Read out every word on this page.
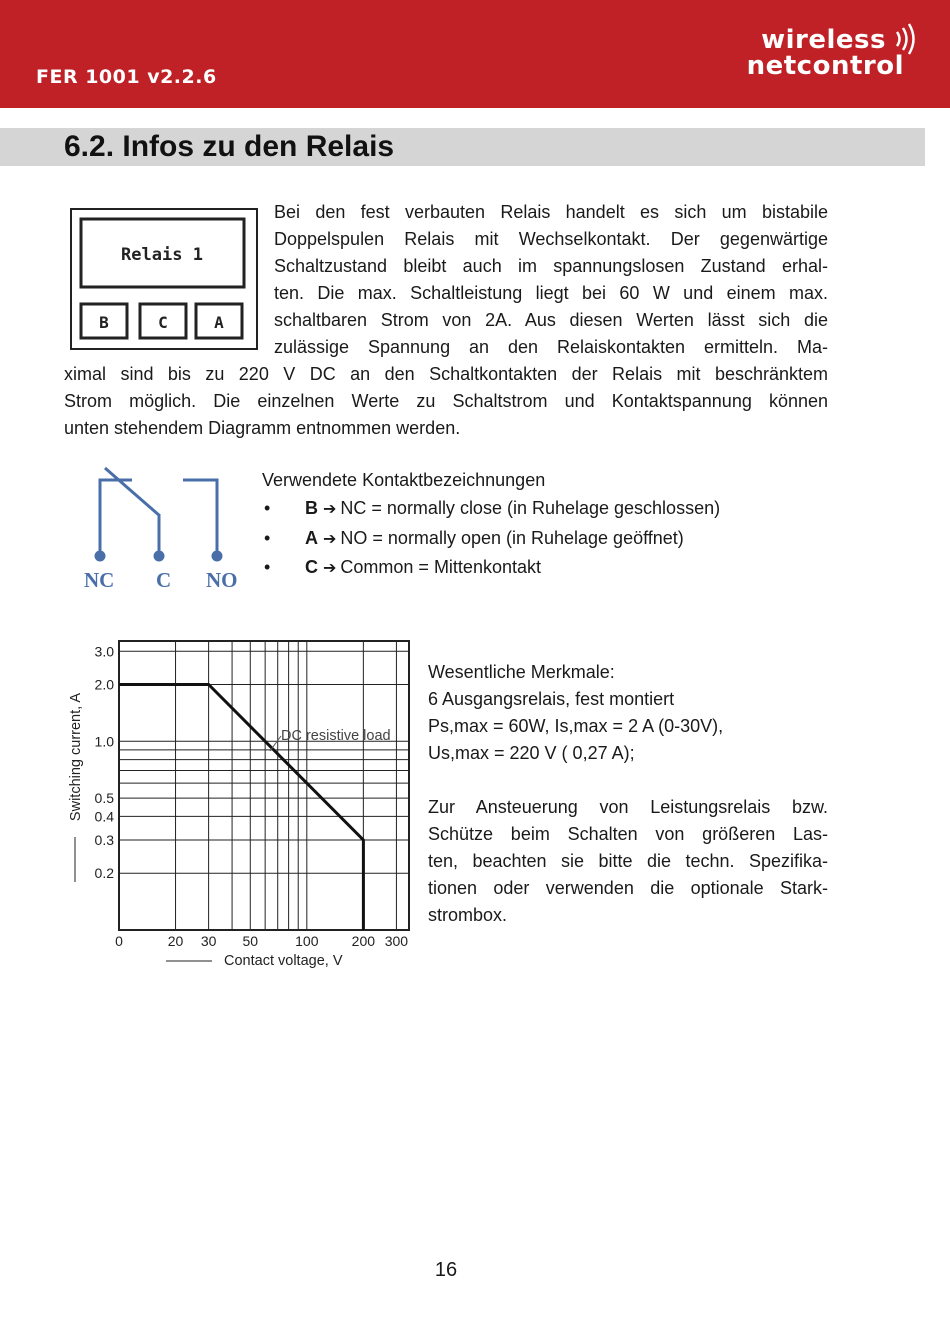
FER 1001 v2.2.6
wireless
netcontrol
6.2. Infos zu den Relais
Relais 1
B	C	A
Bei den fest verbauten Relais handelt es sich um bistabile
Doppelspulen Relais mit Wechselkontakt. Der gegenwärtige
Schaltzustand bleibt auch im spannungslosen Zustand erhal-
ten. Die max. Schaltleistung liegt bei 60 W und einem max.
schaltbaren Strom von 2A. Aus diesen Werten lässt sich die
zulässige Spannung an den Relaiskontakten ermitteln. Ma-
ximal sind bis zu 220 V DC an den Schaltkontakten der Relais mit beschränktem
Strom möglich. Die einzelnen Werte zu Schaltstrom und Kontaktspannung können
unten stehendem Diagramm entnommen werden.
NC C NO
Verwendete Kontaktbezeichnungen
• B ➔ NC = normally close (in Ruhelage geschlossen)
• A ➔ NO = normally open (in Ruhelage geöffnet)
• C ➔ Common = Mittenkontakt
3.0
2.0
1.0
0.5
0.4
0.3
0.2
0	20 30 50	100 200 300
DC resistive load
Switching current, A
Contact voltage, V
Wesentliche Merkmale:
6 Ausgangsrelais, fest montiert
Ps,max = 60W, Is,max = 2 A (0-30V),
Us,max = 220 V ( 0,27 A);
Zur Ansteuerung von Leistungsrelais bzw.
Schütze beim Schalten von größeren Las-
ten, beachten sie bitte die techn. Spezifika-
tionen oder verwenden die optionale Stark-
strombox.
16
